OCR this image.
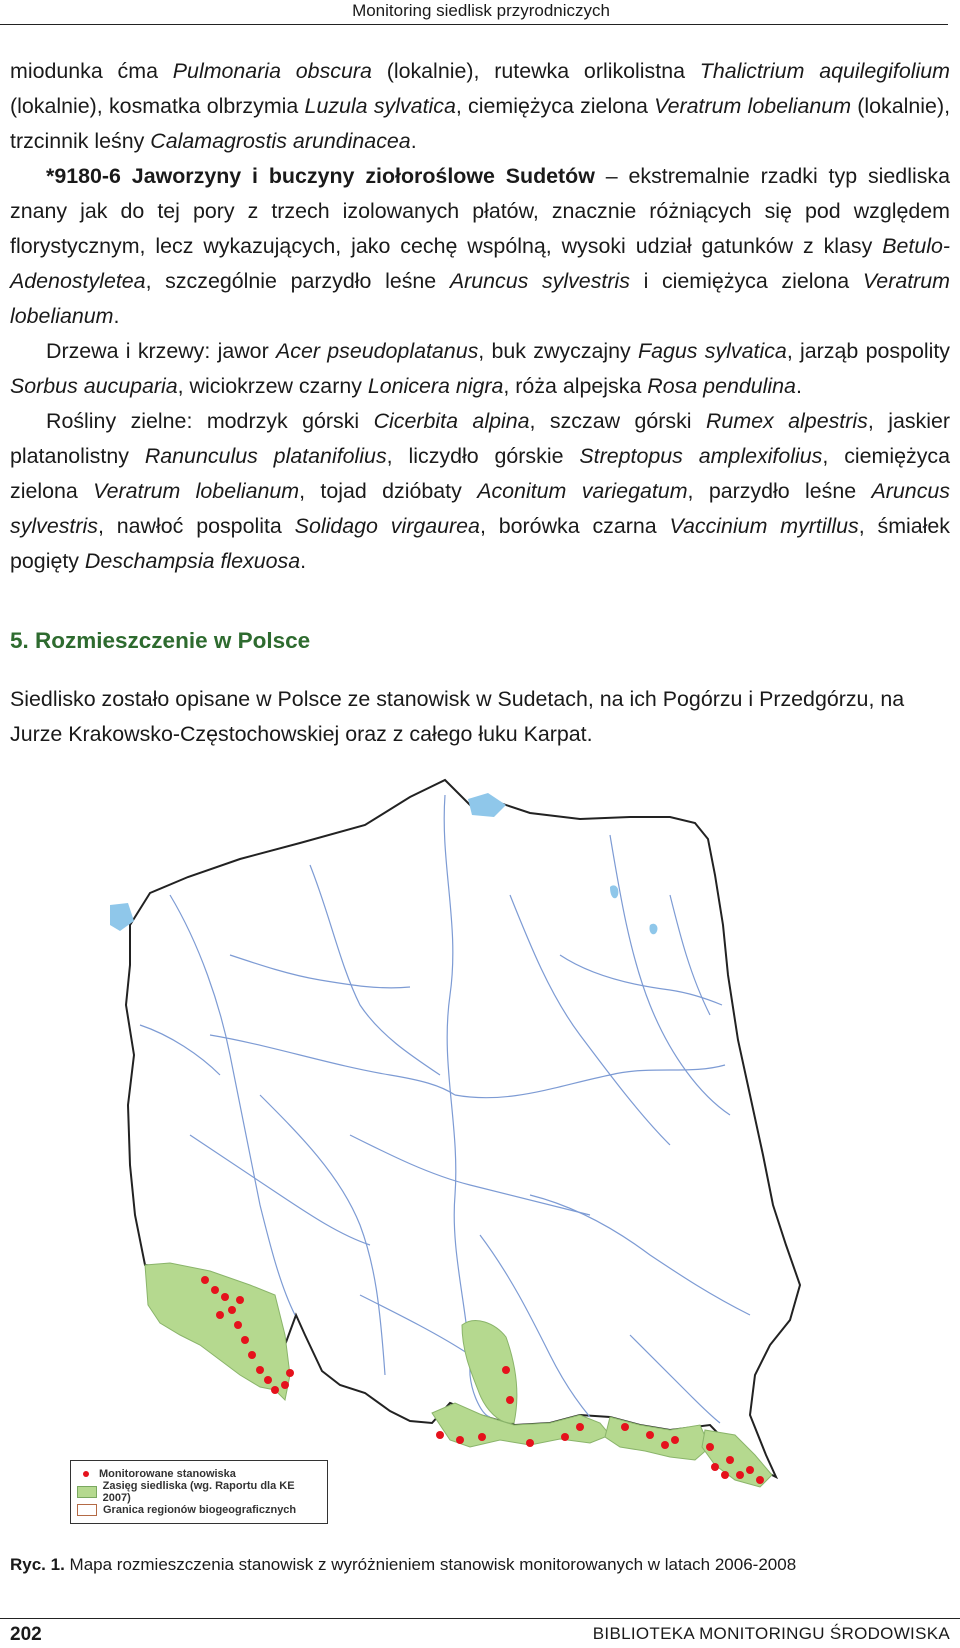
Monitoring siedlisk przyrodniczych

miodunka ćma Pulmonaria obscura (lokalnie), rutewka orlikolistna Thalictrium aquilegifolium (lokalnie), kosmatka olbrzymia Luzula sylvatica, ciemiężyca zielona Veratrum lobelianum (lokalnie), trzcinnik leśny Calamagrostis arundinacea.

*9180-6 Jaworzyny i buczyny ziołoroślowe Sudetów – ekstremalnie rzadki typ siedliska znany jak do tej pory z trzech izolowanych płatów, znacznie różniących się pod względem florystycznym, lecz wykazujących, jako cechę wspólną, wysoki udział gatunków z klasy Betulo-Adenostyletea, szczególnie parzydło leśne Aruncus sylvestris i ciemiężyca zielona Veratrum lobelianum.

Drzewa i krzewy: jawor Acer pseudoplatanus, buk zwyczajny Fagus sylvatica, jarząb pospolity Sorbus aucuparia, wiciokrzew czarny Lonicera nigra, róża alpejska Rosa pendulina.

Rośliny zielne: modrzyk górski Cicerbita alpina, szczaw górski Rumex alpestris, jaskier platanolistny Ranunculus platanifolius, liczydło górskie Streptopus amplexifolius, ciemiężyca zielona Veratrum lobelianum, tojad dzióbaty Aconitum variegatum, parzydło leśne Aruncus sylvestris, nawłoć pospolita Solidago virgaurea, borówka czarna Vaccinium myrtillus, śmiałek pogięty Deschampsia flexuosa.

5. Rozmieszczenie w Polsce

Siedlisko zostało opisane w Polsce ze stanowisk w Sudetach, na ich Pogórzu i Przedgórzu, na Jurze Krakowsko-Częstochowskiej oraz z całego łuku Karpat.

Monitorowane stanowiska
Zasięg siedliska (wg. Raportu dla KE 2007)
Granica regionów biogeograficznych

Ryc. 1. Mapa rozmieszczenia stanowisk z wyróżnieniem stanowisk monitorowanych w latach 2006-2008

202	BIBLIOTEKA MONITORINGU ŚRODOWISKA
